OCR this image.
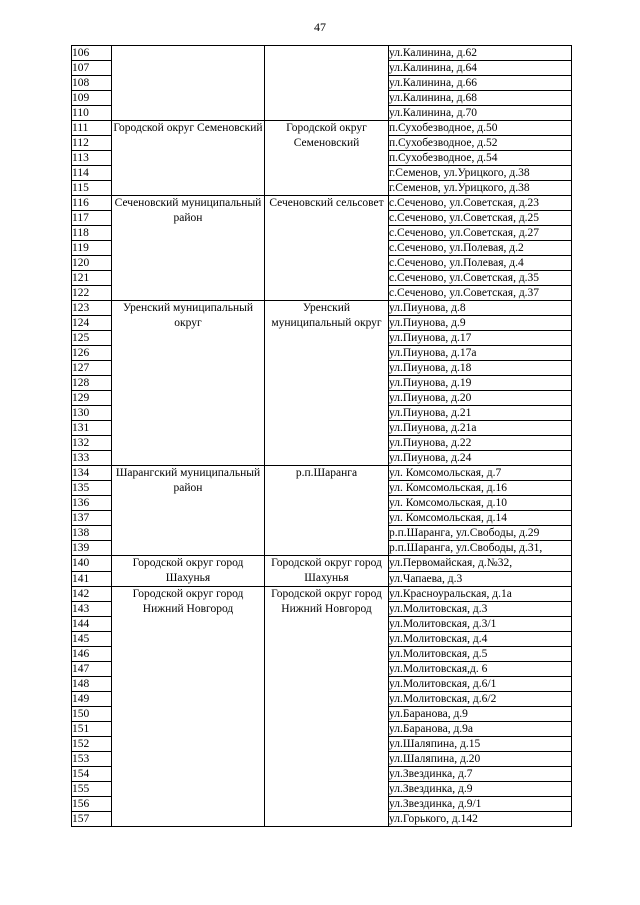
47
106			ул.Калинина, д.62
107			ул.Калинина, д.64
108			ул.Калинина, д.66
109			ул.Калинина, д.68
110			ул.Калинина, д.70
111	Городской округ Семеновский	Городской округ Семеновский	п.Сухобезводное, д.50
112			п.Сухобезводное, д.52
113			п.Сухобезводное, д.54
114			г.Семенов, ул.Урицкого, д.38
115			г.Семенов, ул.Урицкого, д.38
116	Сеченовский муниципальный район	Сеченовский сельсовет	с.Сеченово, ул.Советская, д.23
117			с.Сеченово, ул.Советская, д.25
118			с.Сеченово, ул.Советская, д.27
119			с.Сеченово, ул.Полевая, д.2
120			с.Сеченово, ул.Полевая, д.4
121			с.Сеченово, ул.Советская, д.35
122			с.Сеченово, ул.Советская, д.37
123	Уренский муниципальный округ	Уренский муниципальный округ	ул.Пиунова, д.8
124			ул.Пиунова, д.9
125			ул.Пиунова, д.17
126			ул.Пиунова, д.17а
127			ул.Пиунова, д.18
128			ул.Пиунова, д.19
129			ул.Пиунова, д.20
130			ул.Пиунова, д.21
131			ул.Пиунова, д.21а
132			ул.Пиунова, д.22
133			ул.Пиунова, д.24
134	Шарангский муниципальный район	р.п.Шаранга	ул. Комсомольская, д.7
135			ул. Комсомольская, д.16
136			ул. Комсомольская, д.10
137			ул. Комсомольская, д.14
138			р.п.Шаранга, ул.Свободы, д.29
139			р.п.Шаранга, ул.Свободы, д.31,
140	Городской округ город Шахунья	Городской округ город Шахунья	ул.Первомайская, д.№32,
141			ул.Чапаева, д.3
142	Городской округ город Нижний Новгород	Городской округ город Нижний Новгород	ул.Красноуральская, д.1а
143			ул.Молитовская, д.3
144			ул.Молитовская, д.3/1
145			ул.Молитовская, д.4
146			ул.Молитовская, д.5
147			ул.Молитовская,д. 6
148			ул.Молитовская, д.6/1
149			ул.Молитовская, д.6/2
150			ул.Баранова, д.9
151			ул.Баранова, д.9а
152			ул.Шаляпина, д.15
153			ул.Шаляпина, д.20
154			ул.Звездинка, д.7
155			ул.Звездинка, д.9
156			ул.Звездинка, д.9/1
157			ул.Горького, д.142
